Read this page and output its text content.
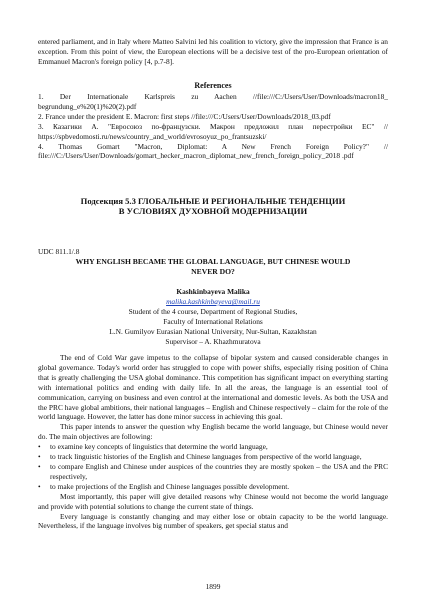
entered parliament, and in Italy where Matteo Salvini led his coalition to victory, give the impression that France is an exception. From this point of view, the European elections will be a decisive test of the pro-European orientation of Emmanuel Macron's foreign policy [4, p.7-8].

References

1. Der Internationale Karlspreis zu Aachen //file:///C:/Users/User/Downloads/macron18_ begrundung_e%20(1)%20(2).pdf

2. France under the president E. Macron: first steps //file:///C:/Users/User/Downloads/2018_03.pdf

3. Казагики А. "Евросоюз по-французски. Макрон предложил план перестройки ЕС" // https://spbvedomosti.ru/news/country_and_world/evrosoyuz_po_frantsuzski/

4. Thomas Gomart "Macron, Diplomat: A New French Foreign Policy?" // file:///C:/Users/User/Downloads/gomart_hecker_macron_diplomat_new_french_foreign_policy_2018 .pdf

Подсекция 5.3 ГЛОБАЛЬНЫЕ И РЕГИОНАЛЬНЫЕ ТЕНДЕНЦИИ
В УСЛОВИЯХ ДУХОВНОЙ МОДЕРНИЗАЦИИ
UDC 811.1/.8
WHY ENGLISH BECAME THE GLOBAL LANGUAGE, BUT CHINESE WOULD
NEVER DO?
Kashkinbayeva Malika
malika.kashkinbayeva@mail.ru
Student of the 4 course, Department of Regional Studies,
Faculty of International Relations
L.N. Gumilyov Eurasian National University, Nur-Sultan, Kazakhstan
Supervisor – A. Khazhmuratova

The end of Cold War gave impetus to the collapse of bipolar system and caused considerable changes in global governance. Today's world order has struggled to cope with power shifts, especially rising position of China that is greatly challenging the USA global dominance. This competition has significant impact on everything starting with international politics and ending with daily life. In all the areas, the language is an essential tool of communication, carrying on business and even control at the international and domestic levels. As both the USA and the PRC have global ambitions, their national languages – English and Chinese respectively – claim for the role of the world language. However, the latter has done minor success in achieving this goal.

This paper intends to answer the question why English became the world language, but Chinese would never do. The main objectives are following:

• to examine key concepts of linguistics that determine the world language,

• to track linguistic histories of the English and Chinese languages from perspective of the world language,

• to compare English and Chinese under auspices of the countries they are mostly spoken – the USA and the PRC respectively,

• to make projections of the English and Chinese languages possible development.

Most importantly, this paper will give detailed reasons why Chinese would not become the world language and provide with potential solutions to change the current state of things.

Every language is constantly changing and may either lose or obtain capacity to be the world language. Nevertheless, if the language involves big number of speakers, get special status and

1899
